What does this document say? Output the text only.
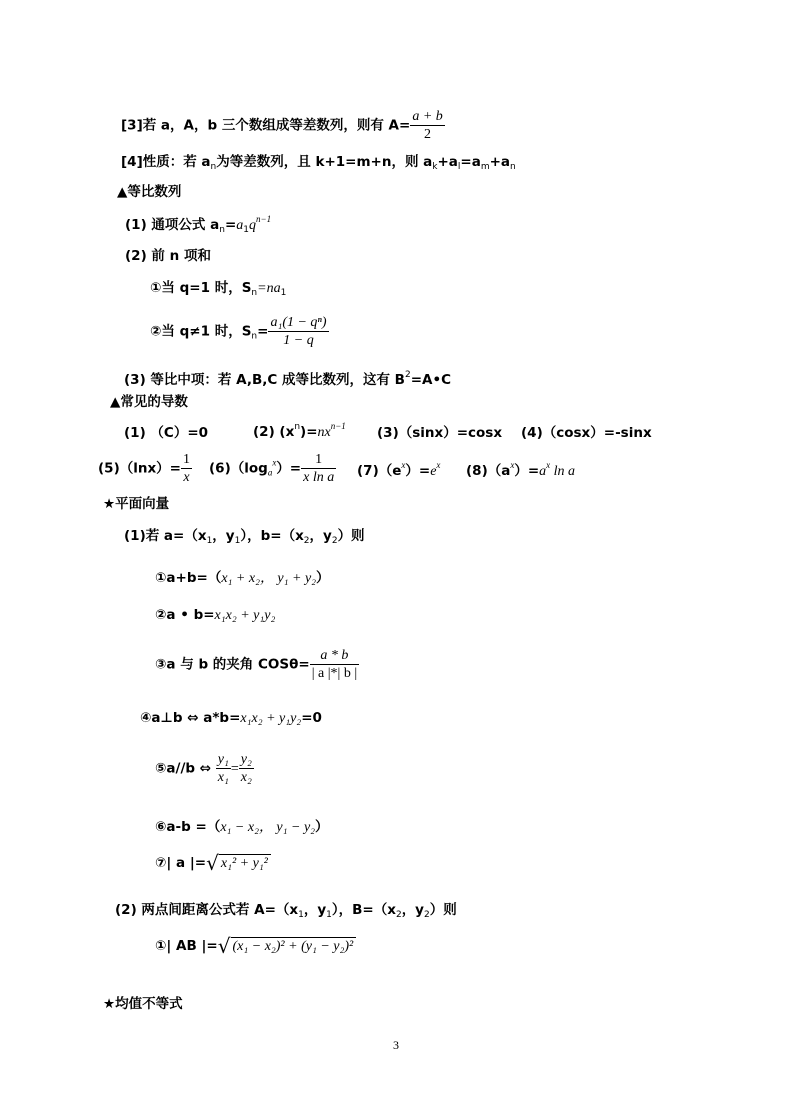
[3]若 a，A，b 三个数组成等差数列，则有 $A= \frac{a + b}{2}$
[4]性质：若 $a_n$为等差数列，且 k+1=m+n，则 $a_k+a_l=a_m+a_n$
▲等比数列
(1) 通项公式 $a_n=a_1q^{n-1}$
(2) 前 n 项和
①当 q=1 时，$S_n=na_1$
②当 q≠1 时，$S_n= \frac{\text{a₁(1 − qⁿ)}}{1 - q}$
(3) 等比中项：若 A,B,C 成等比数列，这有 $B^2=A•C$
▲常见的导数
(1) （C）=0	(2) $(x^n)=nx^{n-1}$ (3)（sinx）=cosx (4)（cosx）=-sinx
$(5)(\ln x)= \frac{1}{x} (6)(\log_a^x)= \frac{1}{\text{x ln a}} (7)(e^x)=e^x$ $(8)(a^x)=a^x$ ln a
★平面向量
(1)若 $a=(x_1$，$y_1$），$b=(x_2$，$y_2$）则
①a+b=（x₁ + x₂， y₁ + y₂）
②a • b=x₁x₂ + y₁y₂
③a 与 b 的夹角 $COS\theta= \frac{a * b}{| a |*| b |}$
④a⊥b ⇔ a*b=x₁x₂ + y₁y₂=0
⑤a//b ⇔ $\frac{\text{y₁}}{\text{x₁}} = \frac{\text{y₂}}{\text{x₂}}$
⑥a-b =（x₁ − x₂， y₁ − y₂）
⑦| a |=√ x₁² + y₁²
(2) 两点间距离公式若 $A=(x_1$，$y_1$），$B=(x_2$，$y_2$）则
①| AB |=√ (x₁ − x₂)² + (y₁ − y₂)²
★均值不等式
3
